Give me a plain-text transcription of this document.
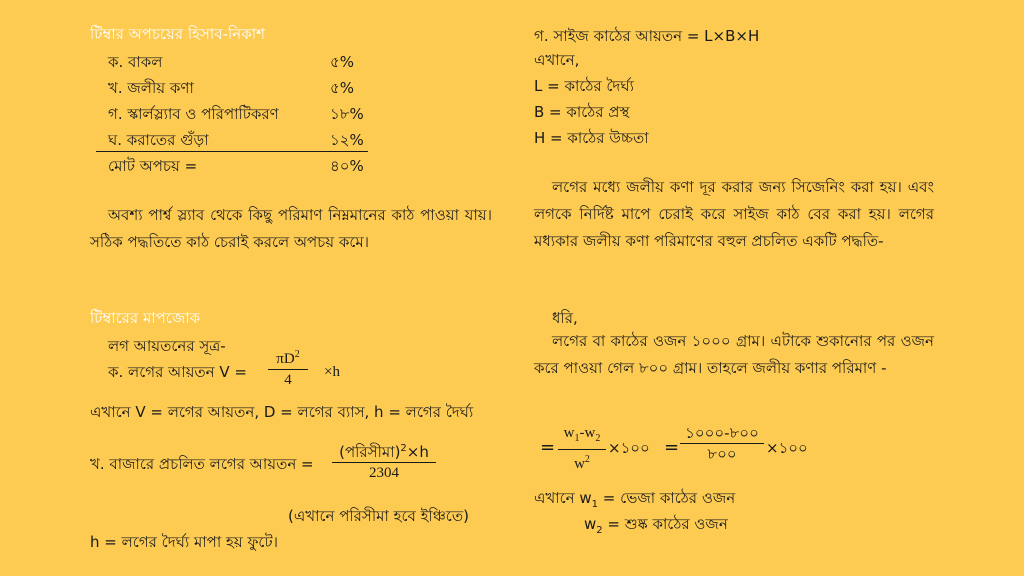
টিম্বার অপচয়ের হিসাব-নিকাশ
ক. বাকল	৫%
খ. জলীয় কণা	৫%
গ. স্কার্লস্ল্যাব ও পরিপাটিকরণ	১৮%
ঘ. করাতের গুঁড়া	১২%
মোট অপচয় =	৪০%
অবশ্য পার্শ্ব স্ল্যাব থেকে কিছু পরিমাণ নিম্নমানের কাঠ পাওয়া যায়। সঠিক পদ্ধতিতে কাঠ চেরাই করলে অপচয় কমে।
টিম্বারের মাপজোক
লগ আয়তনের সূত্র-
ক. লগের আয়তন $V = \frac{\pi D^2}{4} \times h$
এখানে V = লগের আয়তন, D = লগের ব্যাস, h = লগের দৈর্ঘ্য
খ. বাজারে প্রচলিত লগের আয়তন =
(পরিসীমা)$^2$×h
2304
(এখানে পরিসীমা হবে ইঞ্চিতে)
h = লগের দৈর্ঘ্য মাপা হয় ফুটে।
গ. সাইজ কাঠের আয়তন = L×B×H
এখানে,
L = কাঠের দৈর্ঘ্য
B = কাঠের প্রস্থ
H = কাঠের উচ্চতা
লগের মধ্যে জলীয় কণা দূর করার জন্য সিজেনিং করা হয়। এবং লগকে নির্দিষ্ট মাপে চেরাই করে সাইজ কাঠ বের করা হয়। লগের মধ্যকার জলীয় কণা পরিমাণের বহুল প্রচলিত একটি পদ্ধতি-
ধরি,
লগের বা কাঠের ওজন ১০০০ গ্রাম। এটাকে শুকানোর পর ওজন করে পাওয়া গেল ৮০০ গ্রাম। তাহলে জলীয় কণার পরিমাণ -
= $\frac{w_1-w_2}{w^2}$ ×১০০ =
১০০০-৮০০
৮০০	×১০০
এখানে $w_1$ = ভেজা কাঠের ওজন
$w_2$ = শুষ্ক কাঠের ওজন
